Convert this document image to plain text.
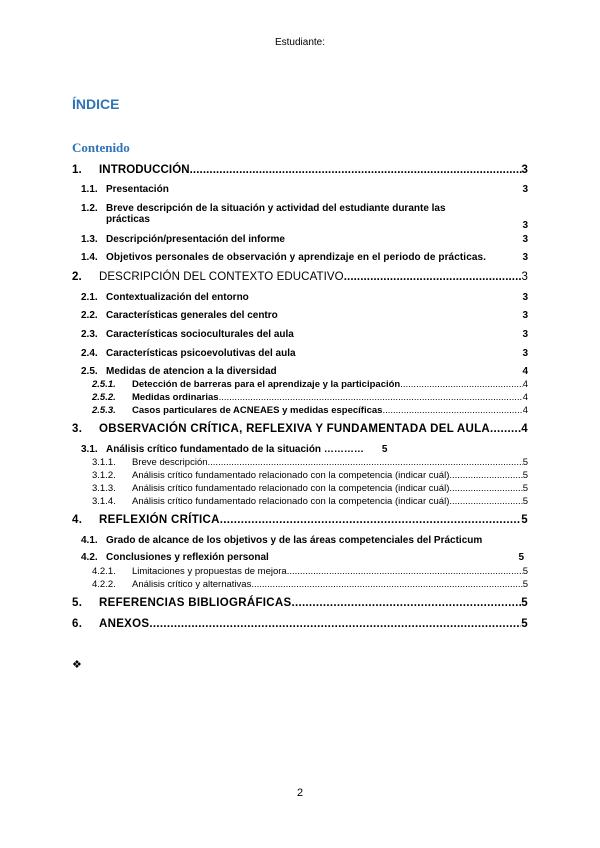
Estudiante:
ÍNDICE
Contenido
1.	INTRODUCCIÓN .....	3
1.1. Presentación	3
1.2. Breve descripción de la situación y actividad del estudiante durante las
prácticas
3
1.3. Descripción/presentación del informe	3
1.4. Objetivos personales de observación y aprendizaje en el periodo de prácticas.	3
2.	DESCRIPCIÓN DEL CONTEXTO EDUCATIVO .....	3
2.1. Contextualización del entorno	3
2.2. Características generales del centro	3
2.3. Características socioculturales del aula	3
2.4. Características psicoevolutivas del aula	3
2.5. Medidas de atencion a la diversidad	4
2.5.1.	Detección de barreras para el aprendizaje y la participación .....	4
2.5.2.	Medidas ordinarias .....	4
2.5.3.	Casos particulares de ACNEAES y medidas específicas .....	4
3.	OBSERVACIÓN CRÍTICA, REFLEXIVA Y FUNDAMENTADA DEL AULA .....	4
3.1. Análisis crítico fundamentado de la situación ………… 5
3.1.1.	Breve descripción .....	5
3.1.2.	Análisis crítico fundamentado relacionado con la competencia (indicar cuál) .....	5
3.1.3.	Análisis crítico fundamentado relacionado con la competencia (indicar cuál) .....	5
3.1.4.	Análisis crítico fundamentado relacionado con la competencia (indicar cuál) .....	5
4.	REFLEXIÓN CRÍTICA .....	5
4.1. Grado de alcance de los objetivos y de las áreas competenciales del Prácticum
4.2. Conclusiones y reflexión personal	5
4.2.1.	Limitaciones y propuestas de mejora .....	5
4.2.2.	Análisis crítico y alternativas .....	5
5.	REFERENCIAS BIBLIOGRÁFICAS .....	5
6.	ANEXOS .....	5
❖
2
